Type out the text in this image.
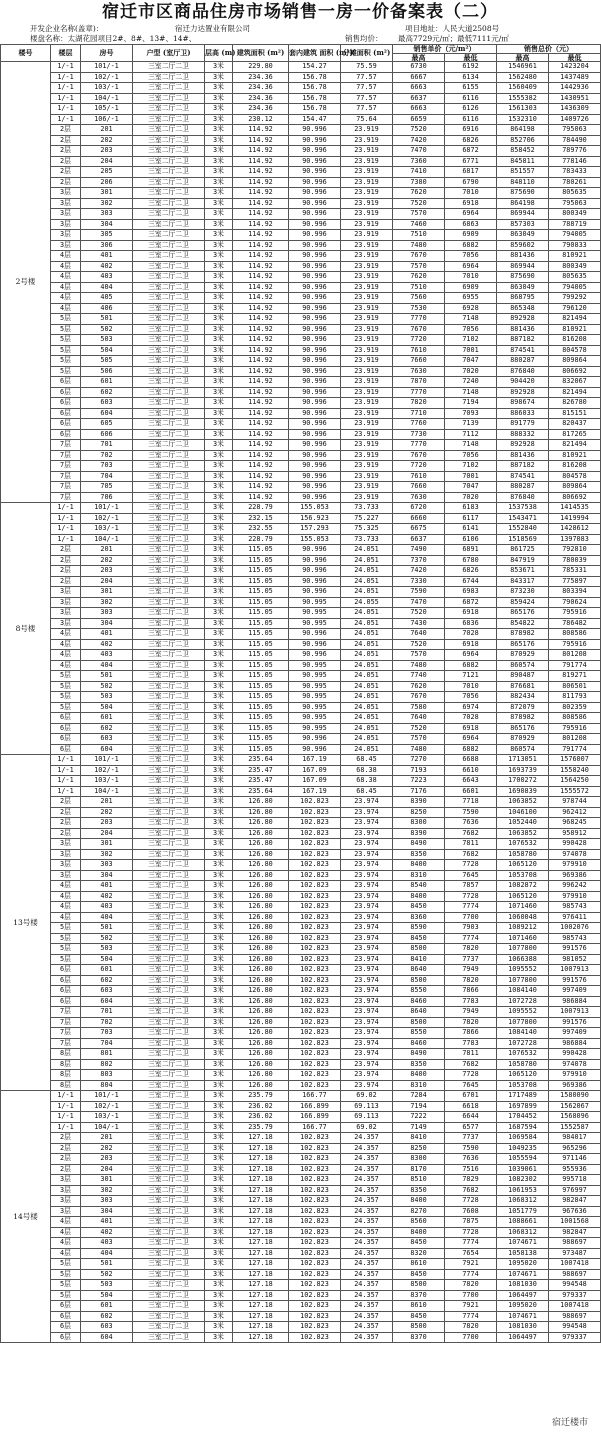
宿迁市区商品住房市场销售一房一价备案表（二）
开发企业名称(盖章)：	宿迁力达置业有限公司	项目地址：人民大道2508号
楼盘名称：太湖花园项目2#、8#、13#、14#、	销售均价： 最高7729元/㎡；最低7111元/㎡
楼号	楼层	房号	户型 (室厅卫)	层高 (m)	建筑面积 (m²)	套内建筑 面积 (m²)	分摊面积 (m²)	销售单价（元/m²）		销售总价（元）	
								最高	最低	最高	最低
2号楼	1/-1	101/-1	三室二厅二卫	3米	229.80	154.27	75.59	6730	6192	1546961	1423204
	1/-1	102/-1	三室二厅二卫	3米	234.36	156.78	77.57	6667	6134	1562480	1437489
	1/-1	103/-1	三室二厅二卫	3米	234.36	156.78	77.57	6663	6155	1560409	1442936
	1/-1	104/-1	三室二厅二卫	3米	234.36	156.78	77.57	6637	6116	1555382	1430951
	1/-1	105/-1	三室二厅二卫	3米	234.36	156.78	77.57	6663	6126	1561303	1436309
	1/-1	106/-1	三室二厅二卫	3米	230.12	154.47	75.64	6659	6116	1532310	1409726
	2层	201	三室二厅二卫	3米	114.92	90.996	23.919	7520	6916	864198	795063
	2层	202	三室二厅二卫	3米	114.92	90.996	23.919	7420	6826	852706	784490
	2层	203	三室二厅二卫	3米	114.92	90.996	23.919	7470	6872	858452	789776
	2层	204	三室二厅二卫	3米	114.92	90.996	23.919	7360	6771	845811	778146
	2层	205	三室二厅二卫	3米	114.92	90.996	23.919	7410	6817	851557	783433
	2层	206	三室二厅二卫	3米	114.92	90.996	23.919	7380	6790	848110	780261
	3层	301	三室二厅二卫	3米	114.92	90.996	23.919	7620	7010	875690	805635
	3层	302	三室二厅二卫	3米	114.92	90.996	23.919	7520	6918	864198	795063
	3层	303	三室二厅二卫	3米	114.92	90.996	23.919	7570	6964	869944	800349
	3层	304	三室二厅二卫	3米	114.92	90.996	23.919	7460	6863	857303	788719
	3层	305	三室二厅二卫	3米	114.92	90.996	23.919	7510	6909	863049	794005
	3层	306	三室二厅二卫	3米	114.92	90.996	23.919	7480	6882	859602	790833
	4层	401	三室二厅二卫	3米	114.92	90.996	23.919	7670	7056	881436	810921
	4层	402	三室二厅二卫	3米	114.92	90.996	23.919	7570	6964	869944	800349
	4层	403	三室二厅二卫	3米	114.92	90.996	23.919	7620	7010	875690	805635
	4层	404	三室二厅二卫	3米	114.92	90.996	23.919	7510	6909	863049	794005
	4层	405	三室二厅二卫	3米	114.92	90.996	23.919	7560	6955	868795	799292
	4层	406	三室二厅二卫	3米	114.92	90.996	23.919	7530	6928	865348	796120
	5层	501	三室二厅二卫	3米	114.92	90.996	23.919	7770	7148	892928	821494
	5层	502	三室二厅二卫	3米	114.92	90.996	23.919	7670	7056	881436	810921
	5层	503	三室二厅二卫	3米	114.92	90.996	23.919	7720	7102	887182	816208
	5层	504	三室二厅二卫	3米	114.92	90.996	23.919	7610	7001	874541	804578
	5层	505	三室二厅二卫	3米	114.92	90.996	23.919	7660	7047	880287	809864
	5层	506	三室二厅二卫	3米	114.92	90.996	23.919	7630	7020	876840	806692
	6层	601	三室二厅二卫	3米	114.92	90.996	23.919	7870	7240	904420	832067
	6层	602	三室二厅二卫	3米	114.92	90.996	23.919	7770	7148	892928	821494
	6层	603	三室二厅二卫	3米	114.92	90.996	23.919	7820	7194	898674	826780
	6层	604	三室二厅二卫	3米	114.92	90.996	23.919	7710	7093	886033	815151
	6层	605	三室二厅二卫	3米	114.92	90.996	23.919	7760	7139	891779	820437
	6层	606	三室二厅二卫	3米	114.92	90.996	23.919	7730	7112	888332	817265
	7层	701	三室二厅二卫	3米	114.92	90.996	23.919	7770	7148	892928	821494
	7层	702	三室二厅二卫	3米	114.92	90.996	23.919	7670	7056	881436	810921
	7层	703	三室二厅二卫	3米	114.92	90.996	23.919	7720	7102	887182	816208
	7层	704	三室二厅二卫	3米	114.92	90.996	23.919	7610	7001	874541	804578
	7层	705	三室二厅二卫	3米	114.92	90.996	23.919	7660	7047	880287	809864
	7层	706	三室二厅二卫	3米	114.92	90.996	23.919	7630	7020	876840	806692
8号楼	1/-1	101/-1	三室二厅二卫	3米	228.79	155.053	73.733	6720	6183	1537538	1414535
	1/-1	102/-1	三室二厅二卫	3米	232.15	156.923	75.227	6660	6117	1543471	1419994
	1/-1	103/-1	三室二厅二卫	3米	232.55	157.293	75.325	6675	6141	1552840	1428612
	1/-1	104/-1	三室二厅二卫	3米	228.79	155.053	73.733	6637	6106	1518569	1397083
	2层	201	三室二厅二卫	3米	115.05	90.996	24.051	7490	6891	861725	792810
	2层	202	三室二厅二卫	3米	115.05	90.996	24.051	7370	6780	847919	780039
	2层	203	三室二厅二卫	3米	115.05	90.996	24.051	7420	6826	853671	785331
	2层	204	三室二厅二卫	3米	115.05	90.996	24.051	7330	6744	843317	775897
	3层	301	三室二厅二卫	3米	115.05	90.996	24.051	7590	6983	873230	803394
	3层	302	三室二厅二卫	3米	115.05	90.995	24.055	7470	6872	859424	790624
	3层	303	三室二厅二卫	3米	115.05	90.995	24.051	7520	6918	865176	795916
	3层	304	三室二厅二卫	3米	115.05	90.995	24.051	7430	6836	854822	786482
	4层	401	三室二厅二卫	3米	115.05	90.996	24.051	7640	7028	878982	808586
	4层	402	三室二厅二卫	3米	115.05	90.996	24.051	7520	6918	865176	795916
	4层	403	三室二厅二卫	3米	115.05	90.996	24.051	7570	6964	870929	801208
	4层	404	三室二厅二卫	3米	115.05	90.995	24.051	7480	6882	860574	791774
	5层	501	三室二厅二卫	3米	115.05	90.995	24.051	7740	7121	890487	819271
	5层	502	三室二厅二卫	3米	115.05	90.995	24.051	7620	7010	876681	806501
	5层	503	三室二厅二卫	3米	115.05	90.995	24.051	7670	7056	882434	811793
	5层	504	三室二厅二卫	3米	115.05	90.995	24.051	7580	6974	872079	802359
	6层	601	三室二厅二卫	3米	115.05	90.995	24.051	7640	7028	878982	808586
	6层	602	三室二厅二卫	3米	115.05	90.995	24.051	7520	6918	865176	795916
	6层	603	三室二厅二卫	3米	115.05	90.996	24.051	7570	6964	870929	801208
	6层	604	三室二厅二卫	3米	115.05	90.996	24.051	7480	6882	860574	791774
13号楼	1/-1	101/-1	三室二厅二卫	3米	235.64	167.19	68.45	7270	6688	1713051	1576007
	1/-1	102/-1	三室二厅二卫	3米	235.47	167.09	68.38	7193	6610	1693739	1558240
	1/-1	103/-1	三室二厅二卫	3米	235.47	167.09	68.38	7223	6643	1700272	1564250
	1/-1	104/-1	三室二厅二卫	3米	235.64	167.19	68.45	7176	6601	1690839	1555572
	2层	201	三室二厅二卫	3米	126.80	102.823	23.974	8390	7718	1063852	978744
	2层	202	三室二厅二卫	3米	126.80	102.823	23.974	8250	7590	1046100	962412
	2层	203	三室二厅二卫	3米	126.80	102.823	23.974	8300	7636	1052440	968245
	2层	204	三室二厅二卫	3米	126.80	102.823	23.974	8390	7682	1063852	958912
	3层	301	三室二厅二卫	3米	126.80	102.823	23.974	8490	7811	1076532	990428
	3层	302	三室二厅二卫	3米	126.80	102.823	23.974	8350	7682	1058780	974078
	3层	303	三室二厅二卫	3米	126.80	102.823	23.974	8400	7728	1065120	979910
	3层	304	三室二厅二卫	3米	126.80	102.823	23.974	8310	7645	1053708	969386
	4层	401	三室二厅二卫	3米	126.80	102.823	23.974	8540	7857	1082872	996242
	4层	402	三室二厅二卫	3米	126.80	102.823	23.974	8400	7728	1065120	979910
	4层	403	三室二厅二卫	3米	126.80	102.823	23.974	8450	7774	1071460	985743
	4层	404	三室二厅二卫	3米	126.80	102.823	23.974	8360	7700	1060048	976411
	5层	501	三室二厅二卫	3米	126.80	102.823	23.974	8590	7903	1089212	1002076
	5层	502	三室二厅二卫	3米	126.80	102.823	23.974	8450	7774	1071460	985743
	5层	503	三室二厅二卫	3米	126.80	102.823	23.974	8500	7820	1077800	991576
	5层	504	三室二厅二卫	3米	126.80	102.823	23.974	8410	7737	1066388	981052
	6层	601	三室二厅二卫	3米	126.80	102.823	23.974	8640	7949	1095552	1007913
	6层	602	三室二厅二卫	3米	126.80	102.823	23.974	8500	7820	1077800	991576
	6层	603	三室二厅二卫	3米	126.80	102.823	23.974	8550	7866	1084140	997409
	6层	604	三室二厅二卫	3米	126.80	102.823	23.974	8460	7783	1072728	986884
	7层	701	三室二厅二卫	3米	126.80	102.823	23.974	8640	7949	1095552	1007913
	7层	702	三室二厅二卫	3米	126.80	102.823	23.974	8500	7820	1077800	991576
	7层	703	三室二厅二卫	3米	126.80	102.823	23.974	8550	7866	1084140	997409
	7层	704	三室二厅二卫	3米	126.80	102.823	23.974	8460	7783	1072728	986884
	8层	801	三室二厅二卫	3米	126.80	102.823	23.974	8490	7811	1076532	990428
	8层	802	三室二厅二卫	3米	126.80	102.823	23.974	8350	7682	1058780	974078
	8层	803	三室二厅二卫	3米	126.80	102.823	23.974	8400	7728	1065120	979910
	8层	804	三室二厅二卫	3米	126.80	102.823	23.974	8310	7645	1053708	969386
14号楼	1/-1	101/-1	三室二厅二卫	3米	235.79	166.77	69.02	7284	6701	1717489	1580090
	1/-1	102/-1	三室二厅二卫	3米	236.02	166.899	69.113	7194	6618	1697899	1562067
	1/-1	103/-1	三室二厅二卫	3米	236.02	166.899	69.113	7222	6644	1704452	1568096
	1/-1	104/-1	三室二厅二卫	3米	235.79	166.77	69.02	7149	6577	1687594	1552587
	2层	201	三室二厅二卫	3米	127.18	102.823	24.357	8410	7737	1069584	984017
	2层	202	三室二厅二卫	3米	127.18	102.823	24.357	8250	7590	1049235	965296
	2层	203	三室二厅二卫	3米	127.18	102.823	24.357	8300	7636	1055594	971146
	2层	204	三室二厅二卫	3米	127.18	102.823	24.357	8170	7516	1039061	955936
	3层	301	三室二厅二卫	3米	127.18	102.823	24.357	8510	7829	1082302	995718
	3层	302	三室二厅二卫	3米	127.18	102.823	24.357	8350	7682	1061953	976997
	3层	303	三室二厅二卫	3米	127.18	102.823	24.357	8400	7728	1068312	982847
	3层	304	三室二厅二卫	3米	127.18	102.823	24.357	8270	7608	1051779	967636
	4层	401	三室二厅二卫	3米	127.18	102.823	24.357	8560	7875	1088661	1001568
	4层	402	三室二厅二卫	3米	127.18	102.823	24.357	8400	7728	1068312	982847
	4层	403	三室二厅二卫	3米	127.18	102.823	24.357	8450	7774	1074671	988697
	4层	404	三室二厅二卫	3米	127.18	102.823	24.357	8320	7654	1058138	973487
	5层	501	三室二厅二卫	3米	127.18	102.823	24.357	8610	7921	1095020	1007418
	5层	502	三室二厅二卫	3米	127.18	102.823	24.357	8450	7774	1074671	988697
	5层	503	三室二厅二卫	3米	127.18	102.823	24.357	8500	7820	1081030	994548
	5层	504	三室二厅二卫	3米	127.18	102.823	24.357	8370	7700	1064497	979337
	6层	601	三室二厅二卫	3米	127.18	102.823	24.357	8610	7921	1095020	1007418
	6层	602	三室二厅二卫	3米	127.18	102.823	24.357	8450	7774	1074671	988697
	6层	603	三室二厅二卫	3米	127.18	102.823	24.357	8500	7820	1081030	994548
	6层	604	三室二厅二卫	3米	127.18	102.823	24.357	8370	7700	1064497	979337
宿迁楼市
